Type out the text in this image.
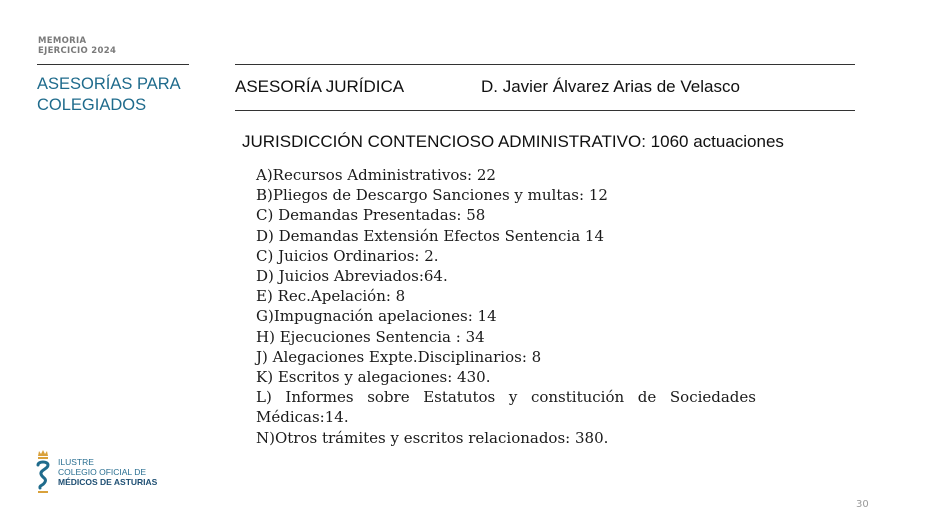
MEMORIA
EJERCICIO 2024
ASESORÍAS PARA
COLEGIADOS
ASESORÍA JURÍDICA	D. Javier Álvarez Arias de Velasco
JURISDICCIÓN CONTENCIOSO ADMINISTRATIVO: 1060 actuaciones
A)Recursos Administrativos: 22
B)Pliegos de Descargo Sanciones y multas: 12
C) Demandas Presentadas: 58
D) Demandas Extensión Efectos Sentencia 14
C) Juicios Ordinarios: 2.
D) Juicios Abreviados:64.
E) Rec.Apelación: 8
G)Impugnación apelaciones: 14
H) Ejecuciones Sentencia : 34
J) Alegaciones Expte.Disciplinarios: 8
K) Escritos y alegaciones: 430.
L) Informes sobre Estatutos y constitución de Sociedades Médicas:14.
N)Otros trámites y escritos relacionados: 380.
ILUSTRE
COLEGIO OFICIAL DE
MÉDICOS DE ASTURIAS
30
